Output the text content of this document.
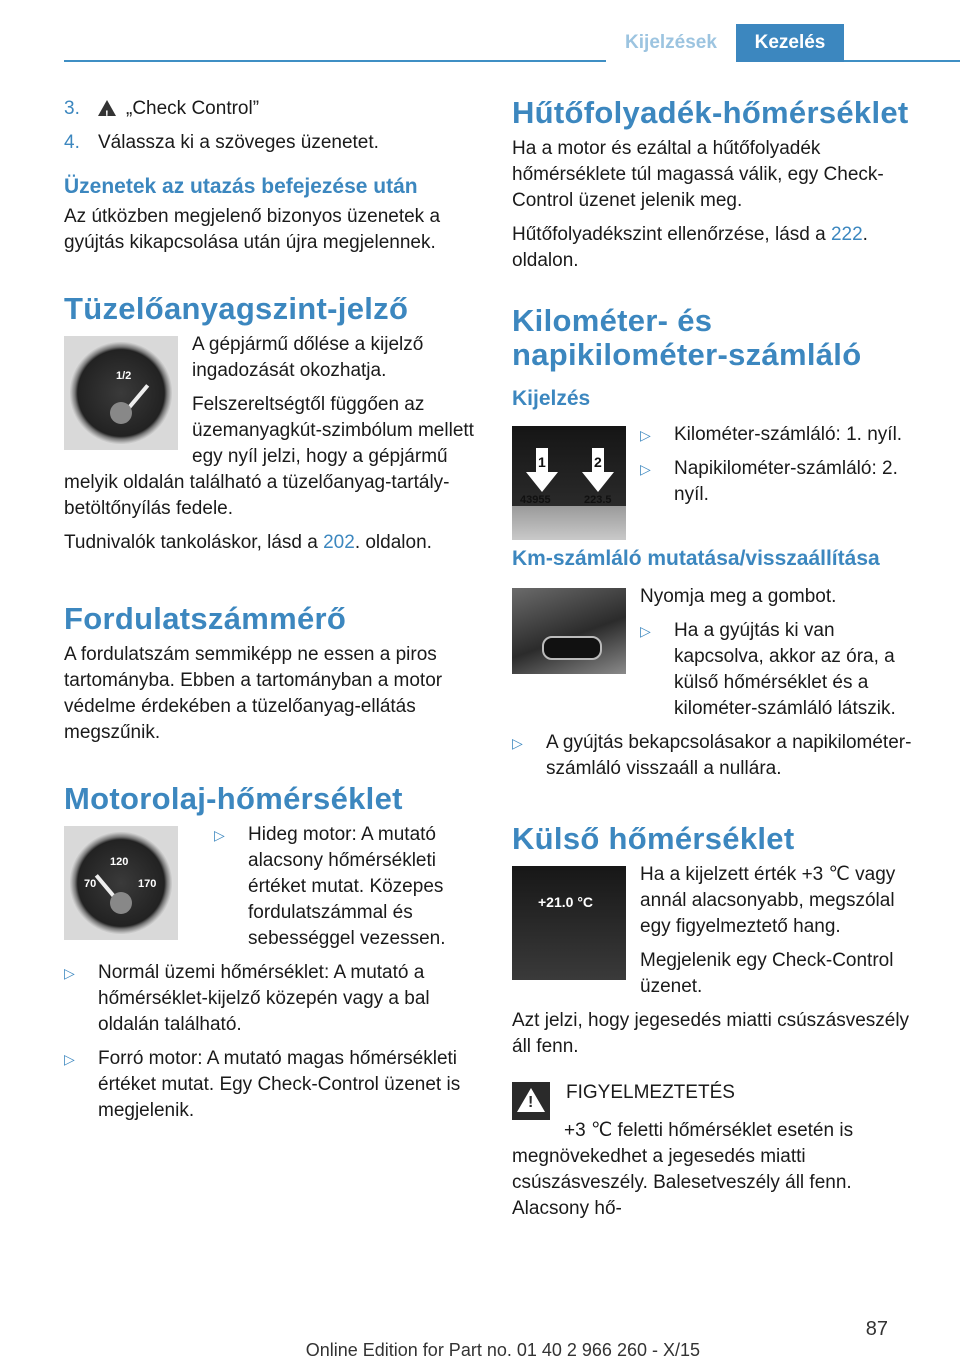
Kijelzések	Kezelés
3.
!	„Check Control”
4. Válassza ki a szöveges üzenetet.
Üzenetek az utazás befejezése után

Az útközben megjelenő bizonyos üzenetek a gyújtás kikapcsolása után újra megjelennek.

Tüzelőanyagszint-jelző
1/2

A gépjármű dőlése a kijelző ingadozását okozhatja.

Felszereltségtől függően az üzemanyagkút-szimbólum mellett egy nyíl jelzi, hogy a gépjármű melyik oldalán található a tüzelőanyag-tartály-betöltőnyílás fedele.

Tudnivalók tankoláskor, lásd a 202. oldalon.

Fordulatszámmérő

A fordulatszám semmiképp ne essen a piros tartományba. Ebben a tartományban a motor védelme érdekében a tüzelőanyag-ellátás megszűnik.

Motorolaj-hőmérséklet
70
120
170
▷	Hideg motor: A mutató alacsony hőmérsékleti értéket mutat. Közepes fordulatszámmal és sebességgel vezessen.
▷	Normál üzemi hőmérséklet: A mutató a hőmérséklet-kijelző közepén vagy a bal oldalán található.
▷	Forró motor: A mutató magas hőmérsékleti értéket mutat. Egy Check-Control üzenet is megjelenik.
Hűtőfolyadék-hőmérséklet

Ha a motor és ezáltal a hűtőfolyadék hőmérséklete túl magassá válik, egy Check-Control üzenet jelenik meg.

Hűtőfolyadékszint ellenőrzése, lásd a 222. oldalon.

Kilométer- és napikilométer-számláló
Kijelzés
1	2
43955	223.5
▷	Kilométer-számláló: 1. nyíl.
▷	Napikilométer-számláló: 2. nyíl.
Km-számláló mutatása/visszaállítása

Nyomja meg a gombot.

▷	Ha a gyújtás ki van kapcsolva, akkor az óra, a külső hőmérséklet és a kilométer-számláló látszik.
▷	A gyújtás bekapcsolásakor a napikilométer-számláló visszaáll a nullára.
Külső hőmérséklet
+21.0 °C

Ha a kijelzett érték +3 ℃ vagy annál alacsonyabb, megszólal egy figyelmeztető hang.

Megjelenik egy Check-Control üzenet.

Azt jelzi, hogy jegesedés miatti csúszásveszély áll fenn.

! FIGYELMEZTETÉS

+3 ℃ feletti hőmérséklet esetén is megnövekedhet a jegesedés miatti csúszásveszély. Balesetveszély áll fenn. Alacsony hő-

87
Online Edition for Part no. 01 40 2 966 260 - X/15
